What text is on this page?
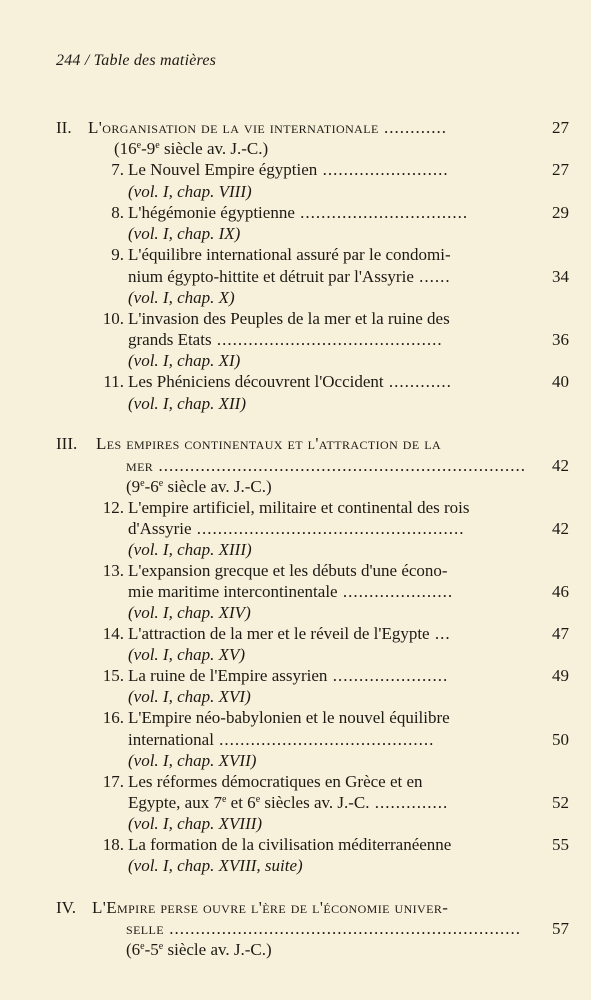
244 / Table des matières
II. L'organisation de la vie internationale ............	27
(16e-9e siècle av. J.-C.)
7. Le Nouvel Empire égyptien ........................	27
(vol. I, chap. VIII)
8. L'hégémonie égyptienne ................................	29
(vol. I, chap. IX)
9. L'équilibre international assuré par le condomi-
nium égypto-hittite et détruit par l'Assyrie ......	34
(vol. I, chap. X)
10. L'invasion des Peuples de la mer et la ruine des
grands Etats ...........................................	36
(vol. I, chap. XI)
11. Les Phéniciens découvrent l'Occident ............	40
(vol. I, chap. XII)
III. Les empires continentaux et l'attraction de la
mer ...................................................................... 42
(9e-6e siècle av. J.-C.)
12. L'empire artificiel, militaire et continental des rois
d'Assyrie ...................................................	42
(vol. I, chap. XIII)
13. L'expansion grecque et les débuts d'une écono-
mie maritime intercontinentale .....................	46
(vol. I, chap. XIV)
14. L'attraction de la mer et le réveil de l'Egypte ...	47
(vol. I, chap. XV)
15. La ruine de l'Empire assyrien ......................	49
(vol. I, chap. XVI)
16. L'Empire néo-babylonien et le nouvel équilibre
international .........................................	50
(vol. I, chap. XVII)
17. Les réformes démocratiques en Grèce et en
Egypte, aux 7e et 6e siècles av. J.-C. ..............	52
(vol. I, chap. XVIII)
18. La formation de la civilisation méditerranéenne	55
(vol. I, chap. XVIII, suite)
IV. L'Empire perse ouvre l'ère de l'économie univer-
selle ................................................................... 57
(6e-5e siècle av. J.-C.)
